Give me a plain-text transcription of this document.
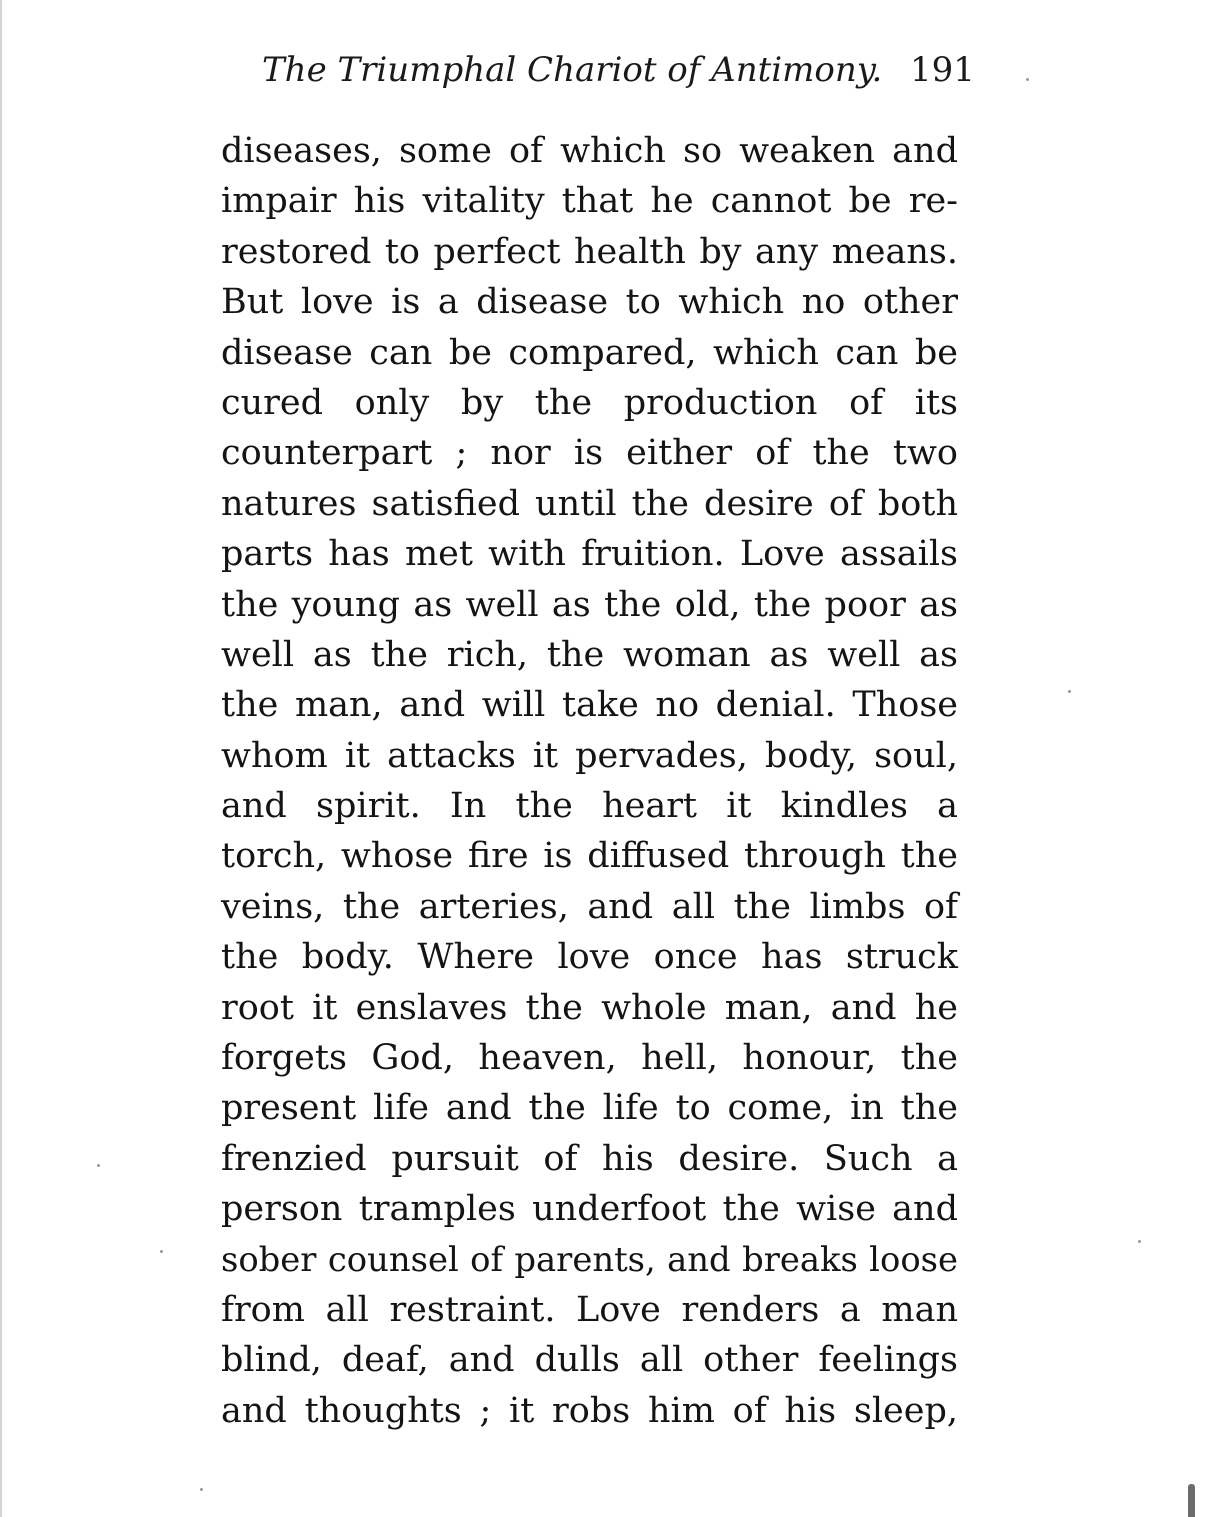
The Triumphal Chariot of Antimony. 191
diseases, some of which so weaken and
impair his vitality that he cannot be re-
restored to perfect health by any means.
But love is a disease to which no other
disease can be compared, which can be
cured only by the production of its
counterpart ; nor is either of the two
natures satisfied until the desire of both
parts has met with fruition. Love assails
the young as well as the old, the poor as
well as the rich, the woman as well as
the man, and will take no denial. Those
whom it attacks it pervades, body, soul,
and spirit. In the heart it kindles a
torch, whose fire is diffused through the
veins, the arteries, and all the limbs of
the body. Where love once has struck
root it enslaves the whole man, and he
forgets God, heaven, hell, honour, the
present life and the life to come, in the
frenzied pursuit of his desire. Such a
person tramples underfoot the wise and
sober counsel of parents, and breaks loose
from all restraint. Love renders a man
blind, deaf, and dulls all other feelings
and thoughts ; it robs him of his sleep,
